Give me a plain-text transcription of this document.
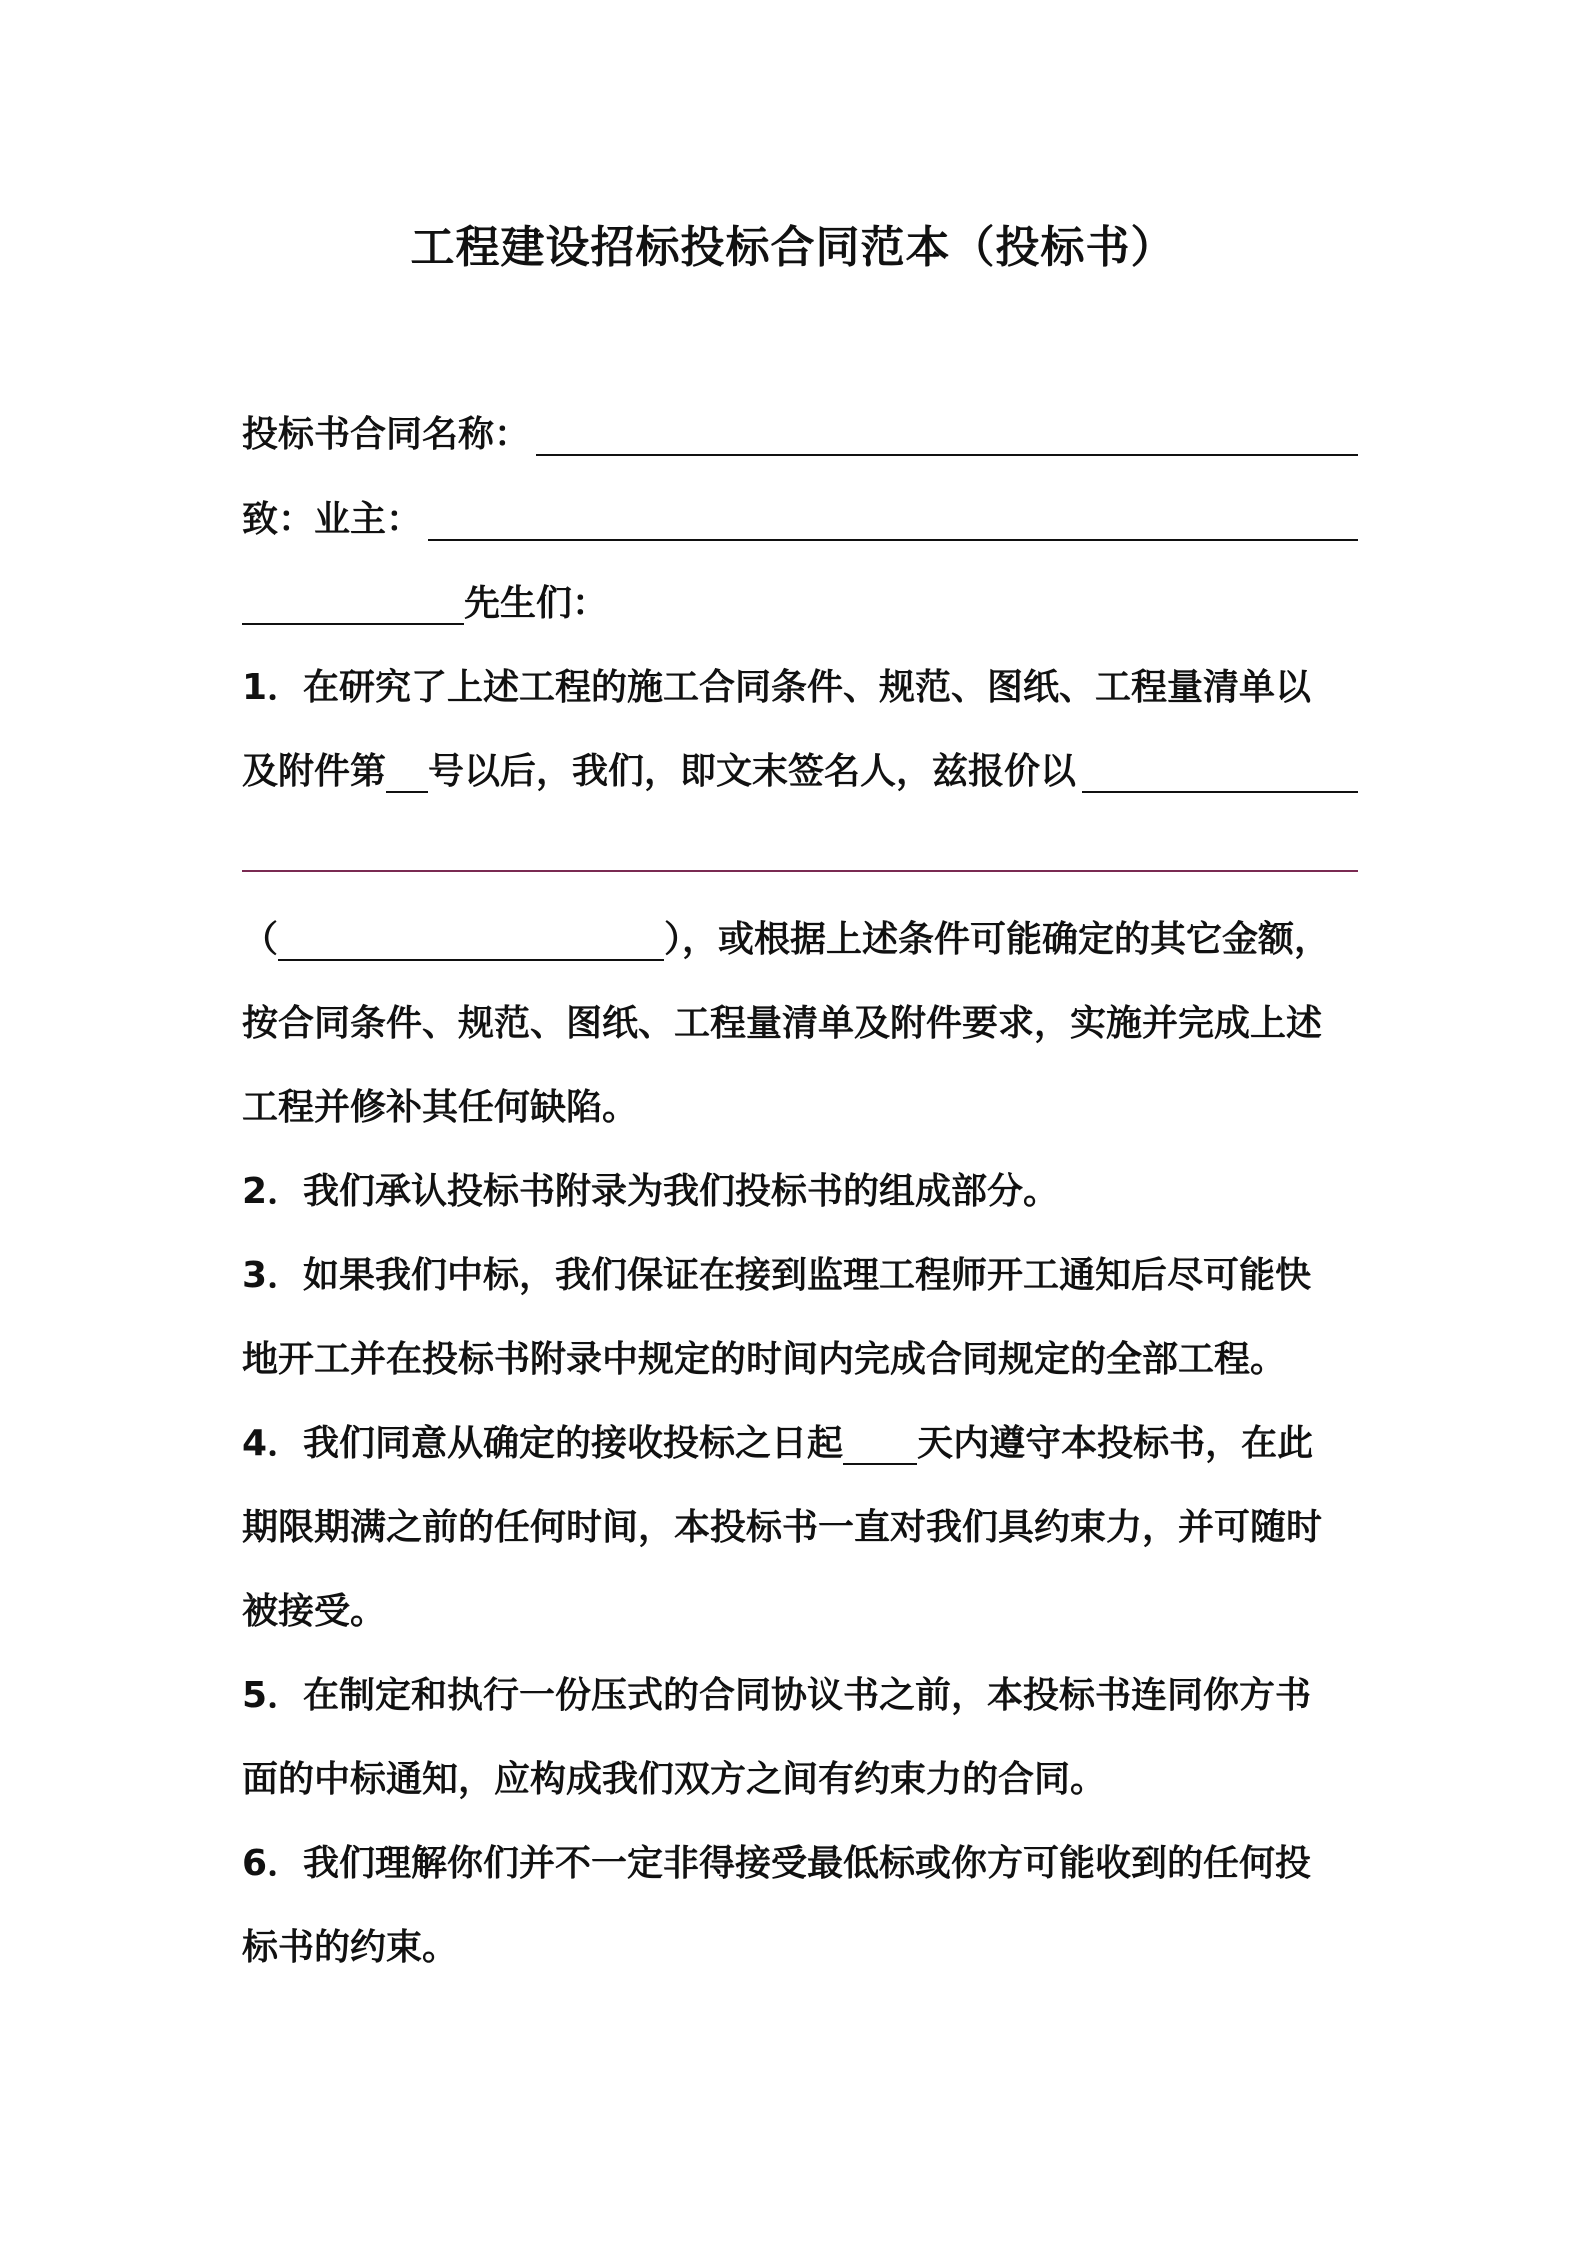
工程建设招标投标合同范本（投标书）
投标书合同名称：
致：业主：
先生们：
1．在研究了上述工程的施工合同条件、规范、图纸、工程量清单以
及附件第 号以后，我们，即文末签名人，兹报价以
（	），或根据上述条件可能确定的其它金额，
按合同条件、规范、图纸、工程量清单及附件要求，实施并完成上述
工程并修补其任何缺陷。
2．我们承认投标书附录为我们投标书的组成部分。
3．如果我们中标，我们保证在接到监理工程师开工通知后尽可能快
地开工并在投标书附录中规定的时间内完成合同规定的全部工程。
4．我们同意从确定的接收投标之日起 天内遵守本投标书，在此
期限期满之前的任何时间，本投标书一直对我们具约束力，并可随时
被接受。
5．在制定和执行一份压式的合同协议书之前，本投标书连同你方书
面的中标通知，应构成我们双方之间有约束力的合同。
6．我们理解你们并不一定非得接受最低标或你方可能收到的任何投
标书的约束。
